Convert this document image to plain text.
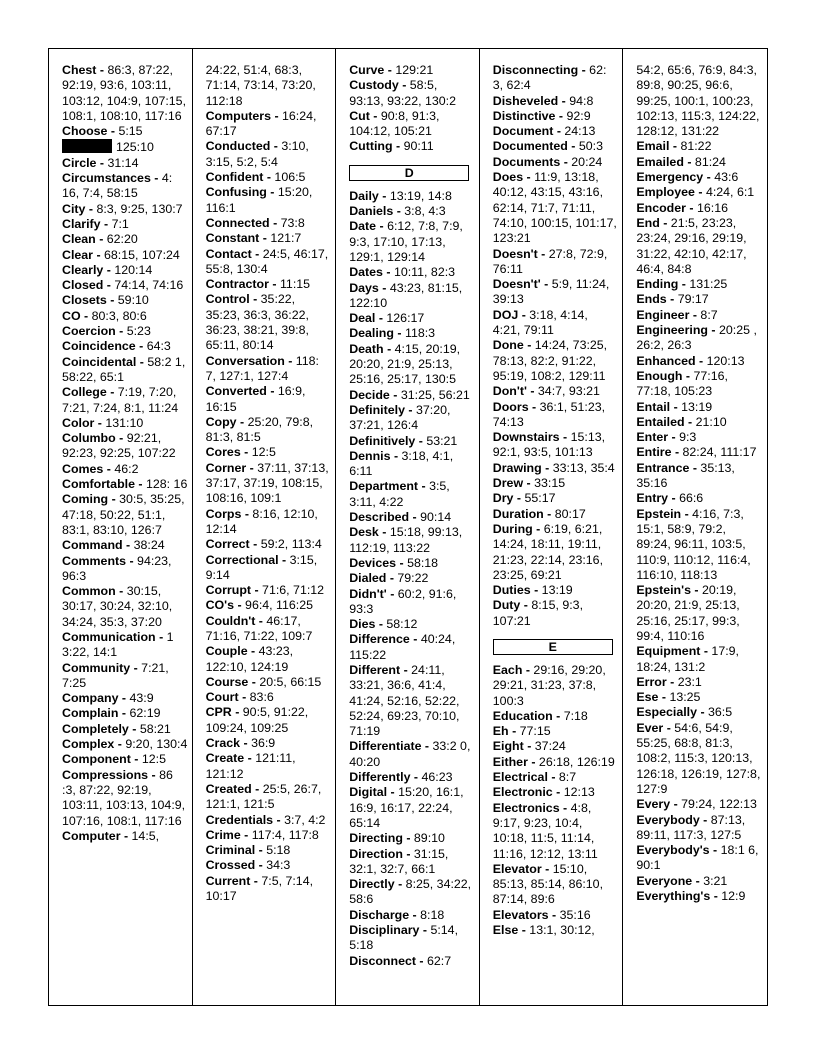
Chest - 86:3, 87:22, 92:19, 93:6, 103:11, 103:12, 104:9, 107:15, 108:1, 108:10, 117:16
Choose - 5:15
125:10
Circle - 31:14
Circumstances - 4: 16, 7:4, 58:15
City - 8:3, 9:25, 130:7
Clarify - 7:1
Clean - 62:20
Clear - 68:15, 107:24
Clearly - 120:14
Closed - 74:14, 74:16
Closets - 59:10
CO - 80:3, 80:6
Coercion - 5:23
Coincidence - 64:3
Coincidental - 58:2 1, 58:22, 65:1
College - 7:19, 7:20, 7:21, 7:24, 8:1, 11:24
Color - 131:10
Columbo - 92:21, 92:23, 92:25, 107:22
Comes - 46:2
Comfortable - 128: 16
Coming - 30:5, 35:25, 47:18, 50:22, 51:1, 83:1, 83:10, 126:7
Command - 38:24
Comments - 94:23, 96:3
Common - 30:15, 30:17, 30:24, 32:10, 34:24, 35:3, 37:20
Communication - 1 3:22, 14:1
Community - 7:21, 7:25
Company - 43:9
Complain - 62:19
Completely - 58:21
Complex - 9:20, 130:4
Component - 12:5
Compressions - 86 :3, 87:22, 92:19, 103:11, 103:13, 104:9, 107:16, 108:1, 117:16
Computer - 14:5,
24:22, 51:4, 68:3, 71:14, 73:14, 73:20, 112:18
Computers - 16:24, 67:17
Conducted - 3:10, 3:15, 5:2, 5:4
Confident - 106:5
Confusing - 15:20, 116:1
Connected - 73:8
Constant - 121:7
Contact - 24:5, 46:17, 55:8, 130:4
Contractor - 11:15
Control - 35:22, 35:23, 36:3, 36:22, 36:23, 38:21, 39:8, 65:11, 80:14
Conversation - 118: 7, 127:1, 127:4
Converted - 16:9, 16:15
Copy - 25:20, 79:8, 81:3, 81:5
Cores - 12:5
Corner - 37:11, 37:13, 37:17, 37:19, 108:15, 108:16, 109:1
Corps - 8:16, 12:10, 12:14
Correct - 59:2, 113:4
Correctional - 3:15, 9:14
Corrupt - 71:6, 71:12
CO's - 96:4, 116:25
Couldn't - 46:17, 71:16, 71:22, 109:7
Couple - 43:23, 122:10, 124:19
Course - 20:5, 66:15
Court - 83:6
CPR - 90:5, 91:22, 109:24, 109:25
Crack - 36:9
Create - 121:11, 121:12
Created - 25:5, 26:7, 121:1, 121:5
Credentials - 3:7, 4:2
Crime - 117:4, 117:8
Criminal - 5:18
Crossed - 34:3
Current - 7:5, 7:14, 10:17
Curve - 129:21
Custody - 58:5, 93:13, 93:22, 130:2
Cut - 90:8, 91:3, 104:12, 105:21
Cutting - 90:11
D
Daily - 13:19, 14:8
Daniels - 3:8, 4:3
Date - 6:12, 7:8, 7:9, 9:3, 17:10, 17:13, 129:1, 129:14
Dates - 10:11, 82:3
Days - 43:23, 81:15, 122:10
Deal - 126:17
Dealing - 118:3
Death - 4:15, 20:19, 20:20, 21:9, 25:13, 25:16, 25:17, 130:5
Decide - 31:25, 56:21
Definitely - 37:20, 37:21, 126:4
Definitively - 53:21
Dennis - 3:18, 4:1, 6:11
Department - 3:5, 3:11, 4:22
Described - 90:14
Desk - 15:18, 99:13, 112:19, 113:22
Devices - 58:18
Dialed - 79:22
Didn't' - 60:2, 91:6, 93:3
Dies - 58:12
Difference - 40:24, 115:22
Different - 24:11, 33:21, 36:6, 41:4, 41:24, 52:16, 52:22, 52:24, 69:23, 70:10, 71:19
Differentiate - 33:2 0, 40:20
Differently - 46:23
Digital - 15:20, 16:1, 16:9, 16:17, 22:24, 65:14
Directing - 89:10
Direction - 31:15, 32:1, 32:7, 66:1
Directly - 8:25, 34:22, 58:6
Discharge - 8:18
Disciplinary - 5:14, 5:18
Disconnect - 62:7
Disconnecting - 62: 3, 62:4
Disheveled - 94:8
Distinctive - 92:9
Document - 24:13
Documented - 50:3
Documents - 20:24
Does - 11:9, 13:18, 40:12, 43:15, 43:16, 62:14, 71:7, 71:11, 74:10, 100:15, 101:17, 123:21
Doesn't - 27:8, 72:9, 76:11
Doesn't' - 5:9, 11:24, 39:13
DOJ - 3:18, 4:14, 4:21, 79:11
Done - 14:24, 73:25, 78:13, 82:2, 91:22, 95:19, 108:2, 129:11
Don't' - 34:7, 93:21
Doors - 36:1, 51:23, 74:13
Downstairs - 15:13, 92:1, 93:5, 101:13
Drawing - 33:13, 35:4
Drew - 33:15
Dry - 55:17
Duration - 80:17
During - 6:19, 6:21, 14:24, 18:11, 19:11, 21:23, 22:14, 23:16, 23:25, 69:21
Duties - 13:19
Duty - 8:15, 9:3, 107:21
E
Each - 29:16, 29:20, 29:21, 31:23, 37:8, 100:3
Education - 7:18
Eh - 77:15
Eight - 37:24
Either - 26:18, 126:19
Electrical - 8:7
Electronic - 12:13
Electronics - 4:8, 9:17, 9:23, 10:4, 10:18, 11:5, 11:14, 11:16, 12:12, 13:11
Elevator - 15:10, 85:13, 85:14, 86:10, 87:14, 89:6
Elevators - 35:16
Else - 13:1, 30:12,
54:2, 65:6, 76:9, 84:3, 89:8, 90:25, 96:6, 99:25, 100:1, 100:23, 102:13, 115:3, 124:22, 128:12, 131:22
Email - 81:22
Emailed - 81:24
Emergency - 43:6
Employee - 4:24, 6:1
Encoder - 16:16
End - 21:5, 23:23, 23:24, 29:16, 29:19, 31:22, 42:10, 42:17, 46:4, 84:8
Ending - 131:25
Ends - 79:17
Engineer - 8:7
Engineering - 20:25 , 26:2, 26:3
Enhanced - 120:13
Enough - 77:16, 77:18, 105:23
Entail - 13:19
Entailed - 21:10
Enter - 9:3
Entire - 82:24, 111:17
Entrance - 35:13, 35:16
Entry - 66:6
Epstein - 4:16, 7:3, 15:1, 58:9, 79:2, 89:24, 96:11, 103:5, 110:9, 110:12, 116:4, 116:10, 118:13
Epstein's - 20:19, 20:20, 21:9, 25:13, 25:16, 25:17, 99:3, 99:4, 110:16
Equipment - 17:9, 18:24, 131:2
Error - 23:1
Ese - 13:25
Especially - 36:5
Ever - 54:6, 54:9, 55:25, 68:8, 81:3, 108:2, 115:3, 120:13, 126:18, 126:19, 127:8, 127:9
Every - 79:24, 122:13
Everybody - 87:13, 89:11, 117:3, 127:5
Everybody's - 18:1 6, 90:1
Everyone - 3:21
Everything's - 12:9
